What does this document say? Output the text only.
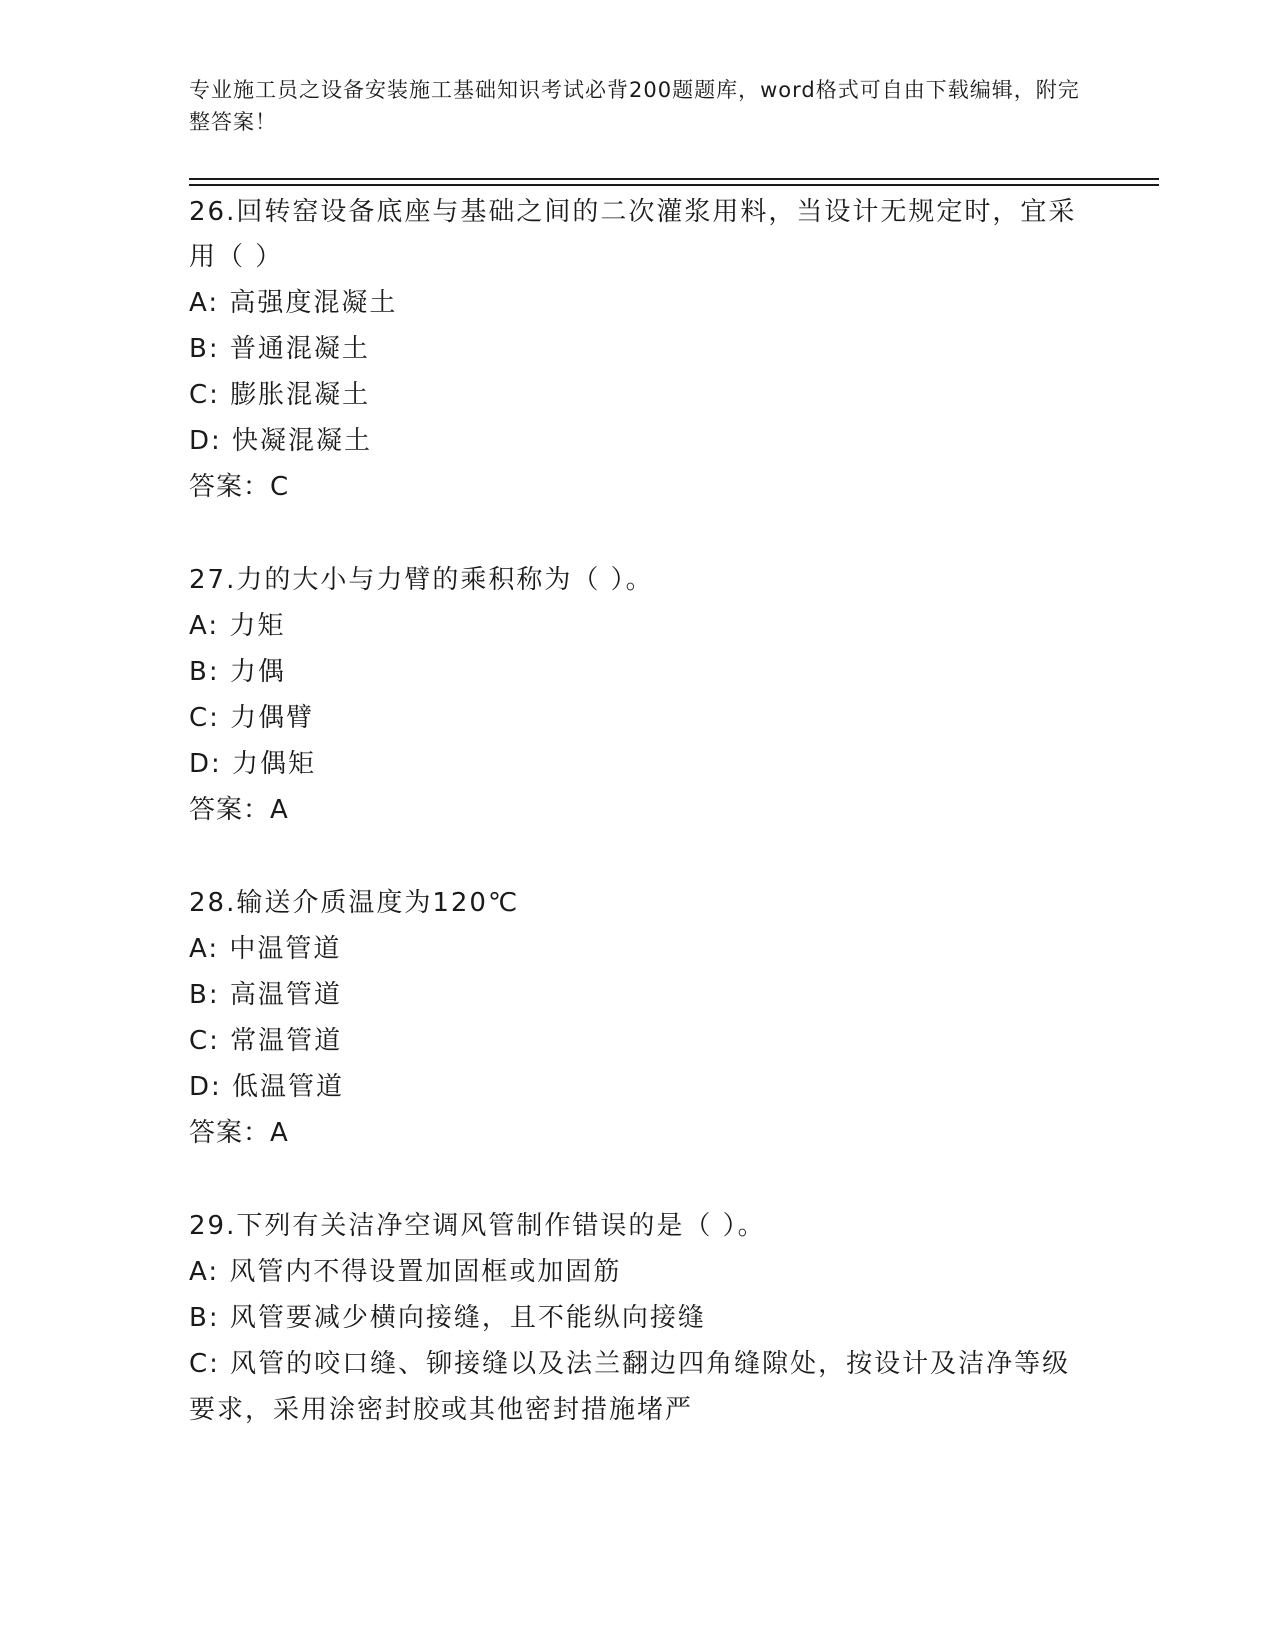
专业施工员之设备安装施工基础知识考试必背200题题库，word格式可自由下载编辑，附完整答案！
26.回转窑设备底座与基础之间的二次灌浆用料，当设计无规定时，宜采用（ ）
A: 高强度混凝土
B: 普通混凝土
C: 膨胀混凝土
D: 快凝混凝土
答案：C
27.力的大小与力臂的乘积称为（ ）。
A: 力矩
B: 力偶
C: 力偶臂
D: 力偶矩
答案：A
28.输送介质温度为120℃
A: 中温管道
B: 高温管道
C: 常温管道
D: 低温管道
答案：A
29.下列有关洁净空调风管制作错误的是（ ）。
A: 风管内不得设置加固框或加固筋
B: 风管要减少横向接缝，且不能纵向接缝
C: 风管的咬口缝、铆接缝以及法兰翻边四角缝隙处，按设计及洁净等级要求，采用涂密封胶或其他密封措施堵严
